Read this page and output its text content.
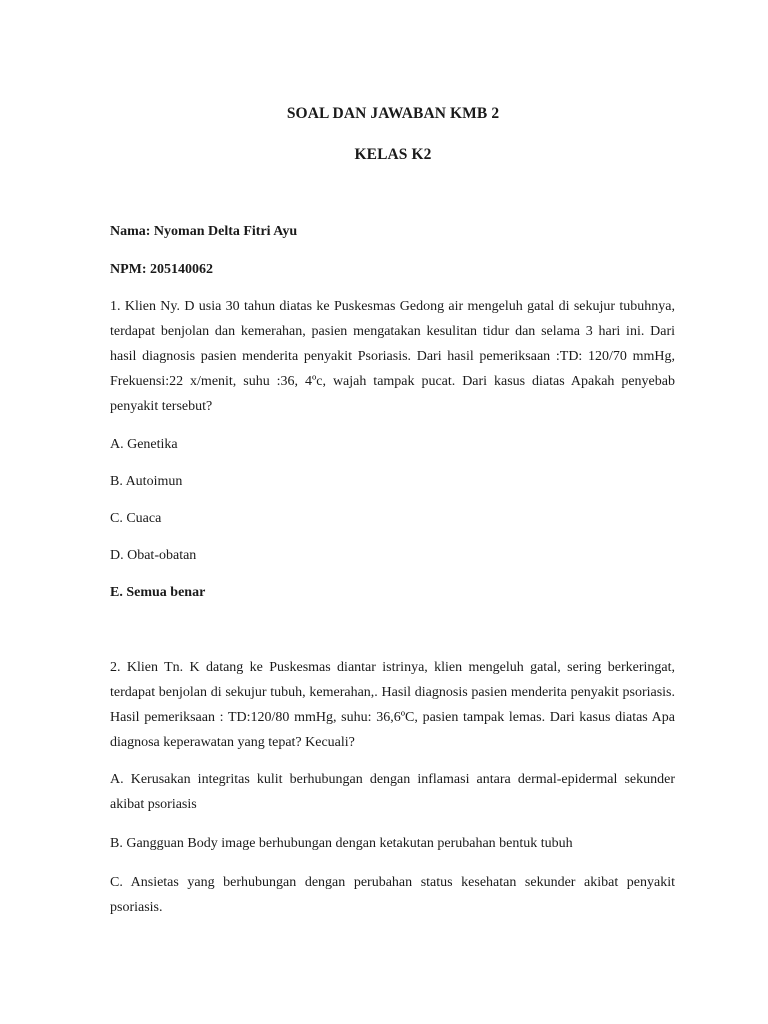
SOAL DAN JAWABAN KMB 2
KELAS K2
Nama: Nyoman Delta Fitri Ayu
NPM: 205140062
1. Klien Ny. D usia 30 tahun diatas ke Puskesmas Gedong air mengeluh gatal di sekujur tubuhnya, terdapat benjolan dan kemerahan, pasien mengatakan kesulitan tidur dan selama 3 hari ini. Dari hasil diagnosis pasien menderita penyakit Psoriasis. Dari hasil pemeriksaan :TD: 120/70 mmHg, Frekuensi:22 x/menit, suhu :36, 4ºc, wajah tampak pucat. Dari kasus diatas Apakah penyebab penyakit tersebut?
A. Genetika
B. Autoimun
C. Cuaca
D. Obat-obatan
E. Semua benar
2. Klien Tn. K datang ke Puskesmas diantar istrinya, klien mengeluh gatal, sering berkeringat, terdapat benjolan di sekujur tubuh, kemerahan,. Hasil diagnosis pasien menderita penyakit psoriasis. Hasil pemeriksaan : TD:120/80 mmHg, suhu: 36,6ºC, pasien tampak lemas. Dari kasus diatas Apa diagnosa keperawatan yang tepat? Kecuali?
A. Kerusakan integritas kulit berhubungan dengan inflamasi antara dermal-epidermal sekunder akibat psoriasis
B. Gangguan Body image berhubungan dengan ketakutan perubahan bentuk tubuh
C. Ansietas yang berhubungan dengan perubahan status kesehatan sekunder akibat penyakit psoriasis.
